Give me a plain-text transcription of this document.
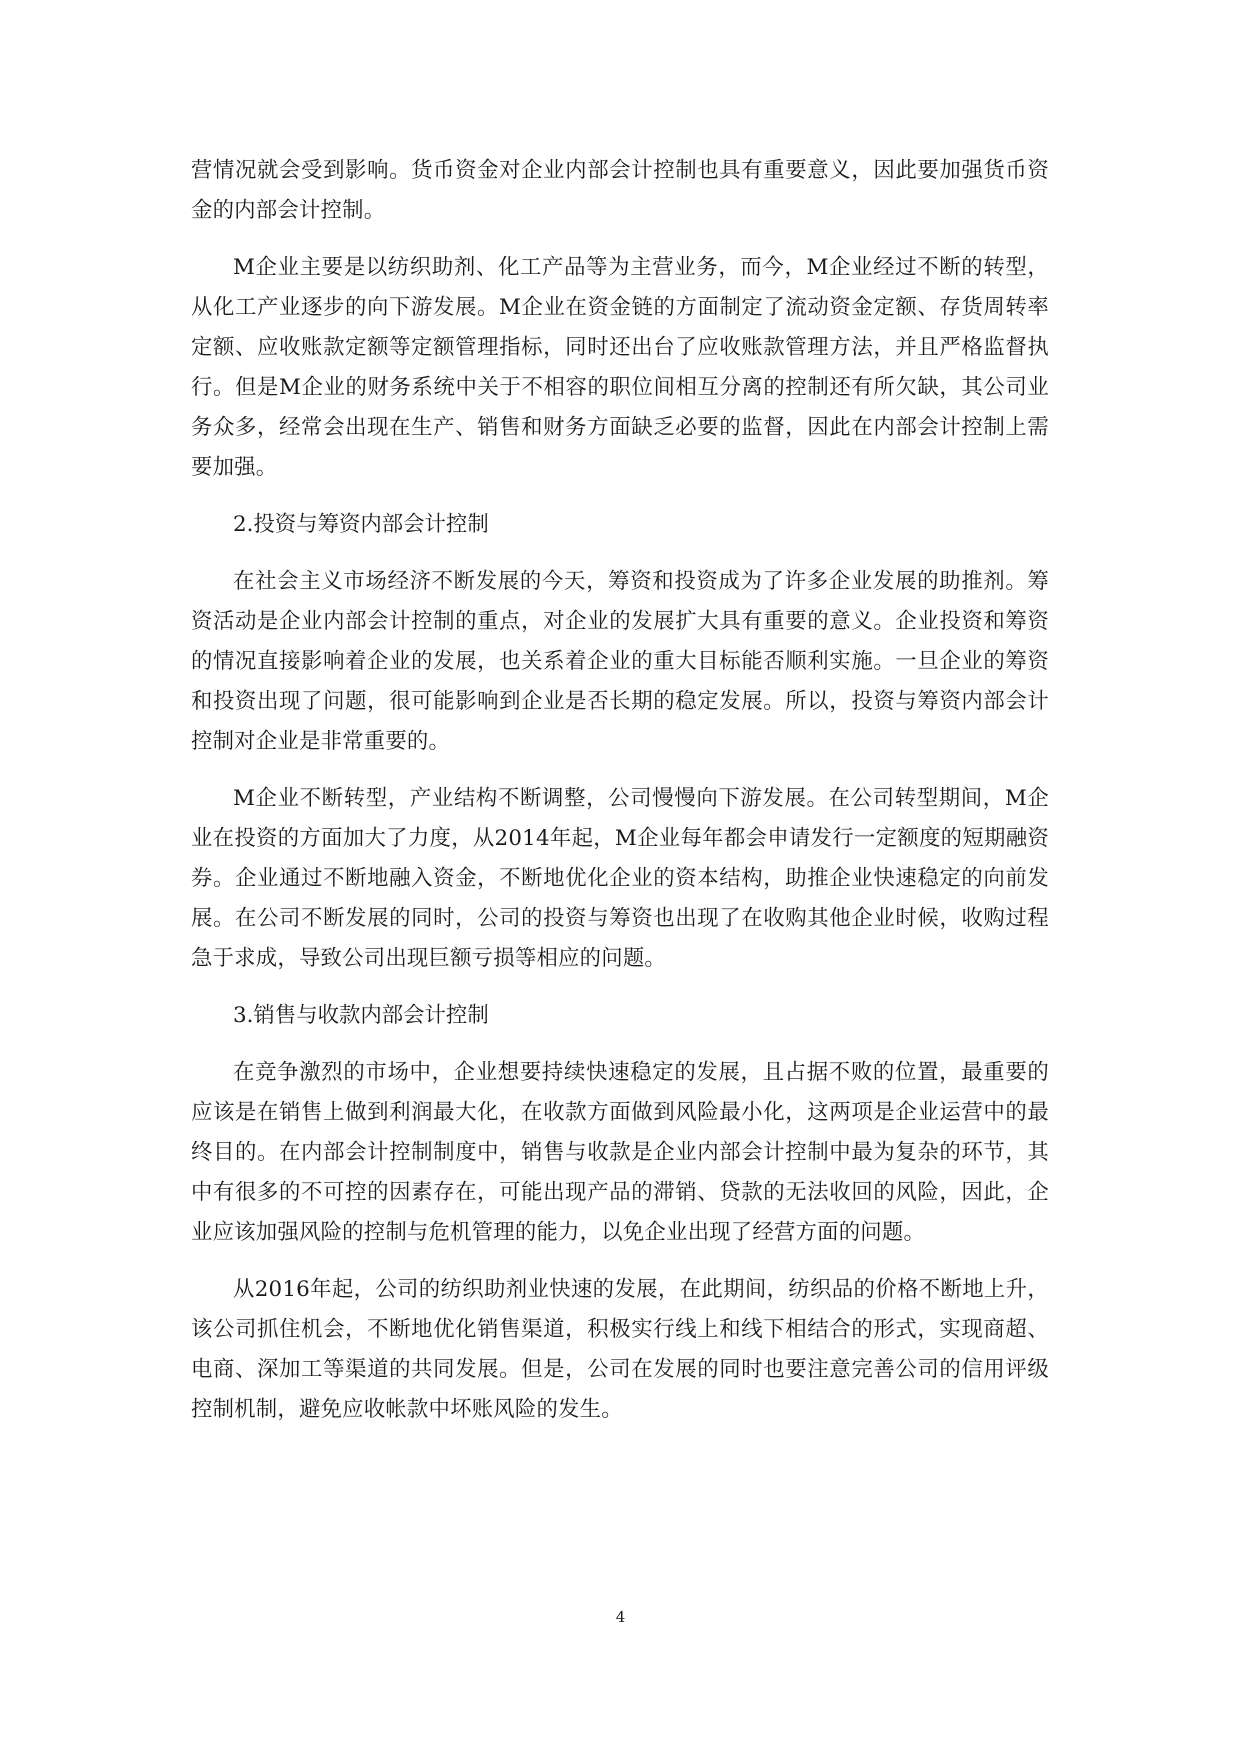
营情况就会受到影响。货币资金对企业内部会计控制也具有重要意义，因此要加强货币资金的内部会计控制。

M企业主要是以纺织助剂、化工产品等为主营业务，而今，M企业经过不断的转型，从化工产业逐步的向下游发展。M企业在资金链的方面制定了流动资金定额、存货周转率定额、应收账款定额等定额管理指标，同时还出台了应收账款管理方法，并且严格监督执行。但是M企业的财务系统中关于不相容的职位间相互分离的控制还有所欠缺，其公司业务众多，经常会出现在生产、销售和财务方面缺乏必要的监督，因此在内部会计控制上需要加强。

2.投资与筹资内部会计控制

在社会主义市场经济不断发展的今天，筹资和投资成为了许多企业发展的助推剂。筹资活动是企业内部会计控制的重点，对企业的发展扩大具有重要的意义。企业投资和筹资的情况直接影响着企业的发展，也关系着企业的重大目标能否顺利实施。一旦企业的筹资和投资出现了问题，很可能影响到企业是否长期的稳定发展。所以，投资与筹资内部会计控制对企业是非常重要的。

M企业不断转型，产业结构不断调整，公司慢慢向下游发展。在公司转型期间，M企业在投资的方面加大了力度，从2014年起，M企业每年都会申请发行一定额度的短期融资券。企业通过不断地融入资金，不断地优化企业的资本结构，助推企业快速稳定的向前发展。在公司不断发展的同时，公司的投资与筹资也出现了在收购其他企业时候，收购过程急于求成，导致公司出现巨额亏损等相应的问题。

3.销售与收款内部会计控制

在竞争激烈的市场中，企业想要持续快速稳定的发展，且占据不败的位置，最重要的应该是在销售上做到利润最大化，在收款方面做到风险最小化，这两项是企业运营中的最终目的。在内部会计控制制度中，销售与收款是企业内部会计控制中最为复杂的环节，其中有很多的不可控的因素存在，可能出现产品的滞销、贷款的无法收回的风险，因此，企业应该加强风险的控制与危机管理的能力，以免企业出现了经营方面的问题。

从2016年起，公司的纺织助剂业快速的发展，在此期间，纺织品的价格不断地上升，该公司抓住机会，不断地优化销售渠道，积极实行线上和线下相结合的形式，实现商超、电商、深加工等渠道的共同发展。但是，公司在发展的同时也要注意完善公司的信用评级控制机制，避免应收帐款中坏账风险的发生。

4
